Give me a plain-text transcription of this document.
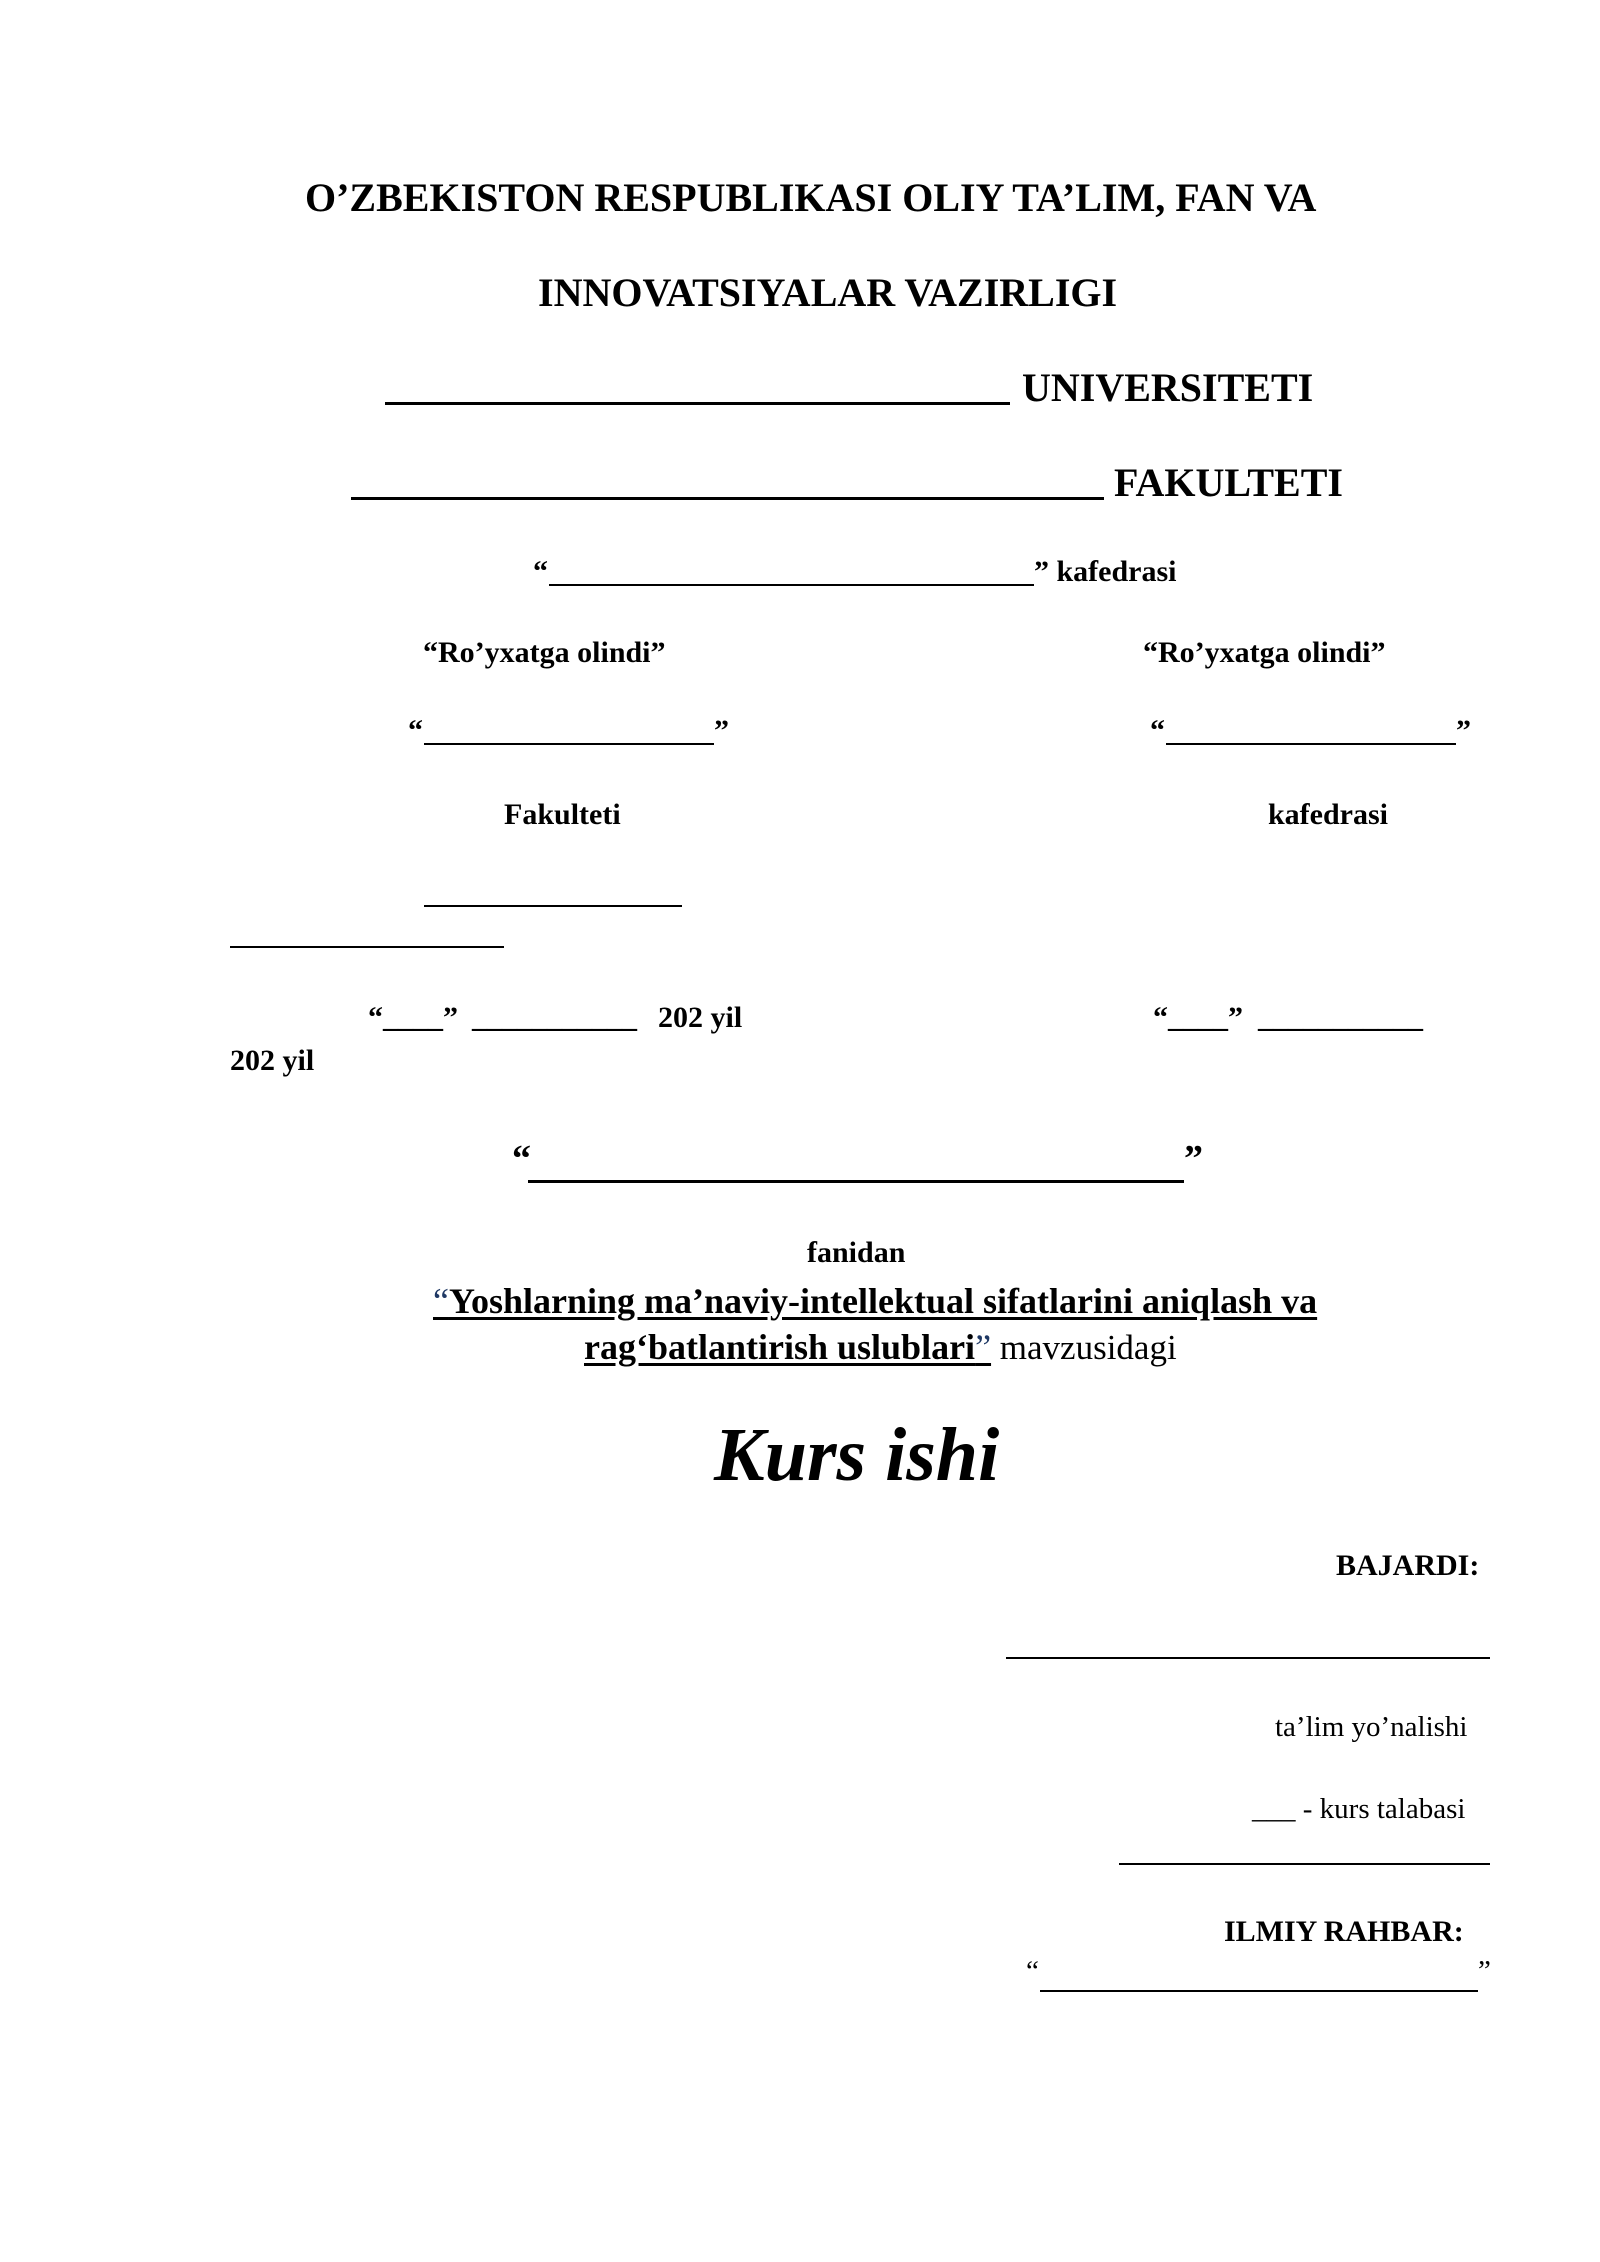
O’ZBEKISTON RESPUBLIKASI OLIY TA’LIM, FAN VA
INNOVATSIYALAR VAZIRLIGI
UNIVERSITETI
FAKULTETI
“	” kafedrasi
“Ro’yxatga olindi”
“	”
Fakulteti
“____” ___________ 202 yil
“Ro’yxatga olindi”
“	”
kafedrasi
“____” ___________
202 yil
“	”
fanidan
“Yoshlarning ma’naviy-intellektual sifatlarini aniqlash va
rag‘batlantirish uslublari” mavzusidagi
Kurs ishi
BAJARDI:
ta’lim yo’nalishi
___ - kurs talabasi
ILMIY RAHBAR:
“	”
